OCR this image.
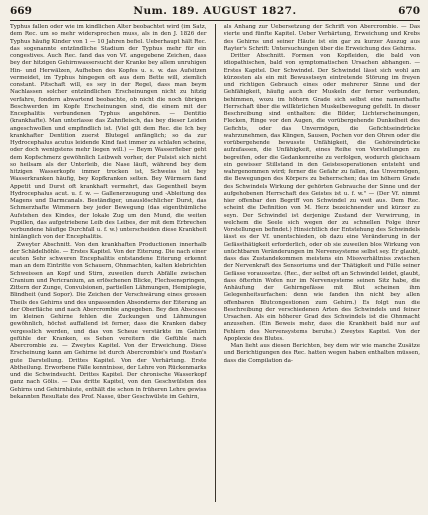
669	Num. 189. AUGUST 1827.	670

Typhus fallen oder wie im kindlichen Alter beobachtet wird (im Satz, dem Rec. um so mehr widersprechen muss, als in den J. 1826 der Typhus häufig Kinder von 1 — 10 Jahren befiel. Ueberhaupt hält Rec. das sogenannte entzündliche Stadium der Typhus mehr für ein congestives. Auch Rec. fand das von Vf. angegebene Zeichen, dass bey der hitzigen Gehirnwassersucht der Kranke bey allem unruhigen Hin- und Herwälzen, Aufheben des Kopfes u. s. w. das Aufsitzen vermeidet, im Typhus hingegen oft aus dem Bette will, ziemlich constant. Pitschaft will, es sey in der Regel, dass man beym Nachlassen solcher entzündlichen Erscheinungen nicht zu hitzig verfahre, fondern abwartend beobachte, ob nicht die noch übrigen Beschwerden im Kopfe Erscheinungen sind, die einem mit der Encephalitis verbundenen Typhus angehören. — Dentitio (krankhafte). Man unterlasse das Zahnfleisch, das bey dieser Leiden angeschwollen und empfindlich ist. (Viel gilt dem Rec. die Ich bey krankhafter Dentition zuerst Blutegel anfänglich; so da zur Hydrocephalus acutus leidende Kind fast immer zu schlafen scheine, oder doch wenigstens mehr liegen will.) — Beym Wasserfieber geht dem Kopfschmerz gewöhnlich Leibweh vorher, der Pulsist sich nicht so heilsam als der Unterleib, die Nase läuft, während bey dem hitzigen Wasserkopfe immer trocken ist, Schweiss ist bey Wasserkranken häufig, bey Kopfkranken selten. Bey Würmern fand Appetit und Durst oft krankhaft vermehrt, das Gegentheil beym Hydrocephalus acut. u. f. w. — Gallenerzeugung und -Ableitung des Magens und Darmcanals. Beständiger, unauslöschlicher Durst, das Schmerzhafte Wimmern bey jeder Bewegung (das eigenthümliche Aufstehen des Kindes, der lokale Zug um den Mund, die weiten Pupillen, das aufgetriebene Leib des Leibes, der mit dem Erbrechen verbundene häufige Durchfall u. f. w.) unterscheiden diese Krankheit hinlänglich von der Encephalitis.

Zweyter Abschnitt. Von den krankhaften Productionen innerhalb der Schädelhöhle. — Erstes Kapitel. Von der Eiterung. Die nach einer acuten Sehr schweren Encephalitis entstandene Eiterung erkennt man an dem Eintritte von Schauern, Ohnmachten, kalten klebrichten Schweissen an Kopf und Stirn, zuweilen durch Abfälle zwischen Cranium und Pericranium, an erlöschenen Blicke, Flechsenspringen, Zittern der Zunge, Convulsionen, partiellen Lähmungen, Hemiplegie, Blindheit (und Sopor). Die Zeichen der Verschwärung eines grossen Theils des Gehirns und des unpassenden Absonderns der Eiterung an der Oberfläche und nach Abercrombie angegeben. Bey den Abscesse im kleinen Gehirne fehlen die Zuckungen und Lähmungen gewöhnlich, höchst auffallend ist ferner, dass die Kranken dabey vergesslich werden, und das von Scheue verstärkte im Gehirn gefühle der Kranken, es Sehen vereitern die Gefühle nach Abercrombie zu. — Zweytes Kapitel. Von der Erweichung. Diese Erscheinung kann am Gehirne ist durch Abercrombie's und Rostan's gute Darstellung. Drittes Kapitel. Von der Verhärtung. Erste Abtheilung. Erworbene Fälle kenntnisse, der Lehre von Rückenmarks und die Schwindsucht. Drittes Kapitel. Der chronische Wasserkopf ganz nach Gölis. — Das dritte Kapitel, von den Geschwülsten des Gehirns und Gehirnhäute, enthält die schon in früheren Lehre gewiss bekannten Resultate des Prof. Nasse, über Geschwülste im Gehirn,

als Anhang zur Uebersetzung der Schrift von Abercrombie. — Das vierte und fünfte Kapitel. Ueber Verhärtung, Erweichung und Krebs des Gehirns und seiner Häute ist ein gar zu kurzer Auszug aus Rayter's Schrift: Untersuchungen über die Erweichung des Gehirns.

Dritter Abschnitt. Formen von Kopfleiden, die bald von idiopathischen, bald von symptomatischen Ursachen abhangen. — Erstes Kapitel. Der Schwindel. Der Schwindel lässt sich wohl am kürzesten als ein mit Bewusstseyn eintretende Störung im freyen und richtigen Gebrauch eines oder mehrerer Sinne und der Gehfähigkeit, häufig auch der Muskeln der ferner verbunden, behimmen, wozu im höhern Grade sich selbst eine namenhafte Herrschaft über die willkürlichen Muskelbewegung gefellt. In dieser Beschreibung sind enthalten: die Bilder, Lichterscheinungen, Flecken, Ringe vor den Augen, die vorübergehende Dunkelheit des Gefichts, oder das Unvermögen, die Gefichtseindrücke wahrzunehmen, das Klingen, Sausen, Pochen vor den Ohren oder die vorübergehende bewusste Unfähigkeit, die Gehöreindrücke aufzufassen, die Unfähigkeit, eines Reihe von Vorstellungen zu begreifen, oder die Gedankenreihe zu verfolgen, wodurch gleichsam ein gewisser Stillstand in den Geistesoperationen entsteht und wahrgenommen wird; ferner die Gefahr zu fallen, das Unvermögen, die Bewegungen des Körpers zu beherrschen; das im höhern Grade des Schwindels Wirkung der gehörten Gebrauche der Sinne und der aufgehobenen Herrschaft des Geistes ist u. f. w." — (Der Vf. nimmt hier offenbar den Begriff von Schwindel zu weit aus. Dem Rec. scheint die Definition von M. Herz bezeichnender und kürzer zu seyn. Der Schwindel ist derjenige Zustand der Verwirrung, in welchem die Seele sich wegen der zu schnellen Folge ihrer Vorstellungen befindet.) Hinsichtlich der Entstehung des Schwindels lässt es der Vf. unentschieden, ob dazu eine Veränderung in der Gefässthätigkeit erforderlich, oder ob sie zuweilen blos Wirkung von unüchtbaren Veränderungen im Nervensysteme selbst sey. Er glaubt, dass das Zustandekommen meistens ein Missverhältniss zwischen der Nervenkraft des Sensoriums und der Thätigkeit und Fülle seiner Gefässe voraussetze. (Rec., der selbst oft an Schwindel leidet, glaubt, dass öfterhin Wofen nur im Nervensysteme seinen Sitz habe, die Anhäufung der Gehirngefässe mit Blut scheinen ihm Gelegenheitsurfachen: denn wie fanden ihn nicht bey allen offenbaren Blutcongestionen zum Gehirn.) Es folgt nun die Beschreibung der verschiedenen Arten des Schwindels und feiner Ursachen. Als ein höherer Grad des Schwindels ist die Ohnmacht anzusehen. (Ein Beweis mehr, dass die Krankheit bald nur auf Fehlern des Nervensystems beruhe.) Zweytes Kapitel. Von der Apoplexie des Blutes.

Man lieht aus diesen Berichten, bey dem wir wie manche Zusätze und Berichtigungen des Rec. hatten wegen haben enthalten müssen, dass die Compilation da-
